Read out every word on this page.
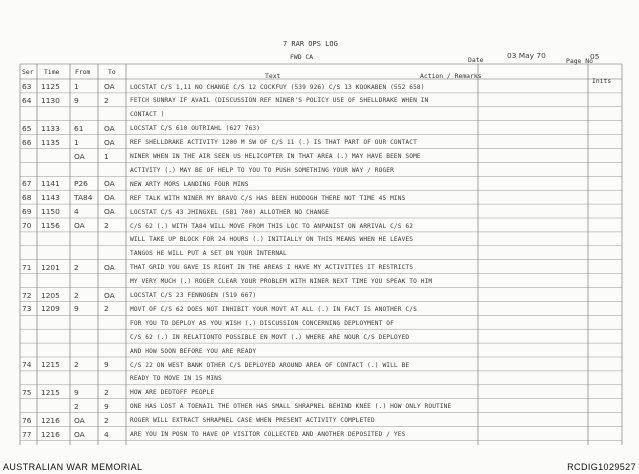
7 RAR OPS LOG
FWD CA	Date	03 May 70
Page No
05
Ser Time From	To	Text	Action / Remarks
Inits
63 1125 1	OA LOCSTAT C/S 1,11 NO CHANGE C/S 12 COCKFUY (539 926) C/S 13 KOOKABEN (552 658)
64 1130 9	2	FETCH SUNRAY IF AVAIL (DISCUSSION REF NINER'S POLICY USE OF SHELLDRAKE WHEN IN
CONTACT )
65 1133 61	OA LOCSTAT C/S 610 OUTRIAHL (627 763)
66 1135 1	OA REF SHELLDRAKE ACTIVITY 1200 M SW OF C/S 11 (.) IS THAT PART OF OUR CONTACT
OA	1	NINER WHEN IN THE AIR SEEN US HELICOPTER IN THAT AREA (.) MAY HAVE BEEN SOME
ACTIVITY (.) MAY BE OF HELP TO YOU TO PUSH SOMETHING YOUR WAY / ROGER
67 1141 P26 OA NEW ARTY MORS LANDING FOUR MINS
68 1143 TA84 OA REF TALK WITH NINER MY BRAVO C/S HAS BEEN HUDDOGH THERE NOT TIME 45 MINS
69 1150 4	OA LOCSTAT C/S 43 JHINGXEL (581 700) ALLOTHER NO CHANGE
70 1156 OA	2	C/S 62 (.) WITH TA84 WILL MOVE FROM THIS LOC TO ANPANIST ON ARRIVAL C/S 62
WILL TAKE UP BLOCK FOR 24 HOURS (.) INITIALLY ON THIS MEANS WHEN HE LEAVES
TANGOS HE WILL PUT A SET ON YOUR INTERNAL
71 1201 2	OA THAT GRID YOU GAVE IS RIGHT IN THE AREAS I HAVE MY ACTIVITIES IT RESTRICTS
MY VERY MUCH (.) ROGER CLEAR YOUR PROBLEM WITH NINER NEXT TIME YOU SPEAK TO HIM
72 1205 2	OA LOCSTAT C/S 23 FENNOGEN (519 667)
73 1209 9	2	MOVT OF C/S 62 DOES NOT INHIBIT YOUR MOVT AT ALL (.) IN FACT IS ANOTHER C/S
FOR YOU TO DEPLOY AS YOU WISH (.) DISCUSSION CONCERNING DEPLOYMENT OF
C/S 62 (.) IN RELATIONTO POSSIBLE EN MOVT (.) WHERE ARE NOUR C/S DEPLOYED
AND HOW SOON BEFORE YOU ARE READY
74 1215 2	9	C/S 22 ON WEST BANK OTHER C/S DEPLOYED AROUND AREA OF CONTACT (.) WILL BE
READY TO MOVE IN 15 MINS
75 1215 9	2	HOW ARE DEDTOFF PEOPLE
2	9	ONE HAS LOST A TOENAIL THE OTHER HAS SMALL SHRAPNEL BEHIND KNEE (.) HOW ONLY ROUTINE
76 1216 OA	2	ROGER WILL EXTRACT SHRAPNEL CASE WHEN PRESENT ACTIVITY COMPLETED
77 1216 OA	4	ARE YOU IN POSN TO HAVE OP VISITOR COLLECTED AND ANOTHER DEPOSITED / YES
AUSTRALIAN WAR MEMORIAL	RCDIG1029527
